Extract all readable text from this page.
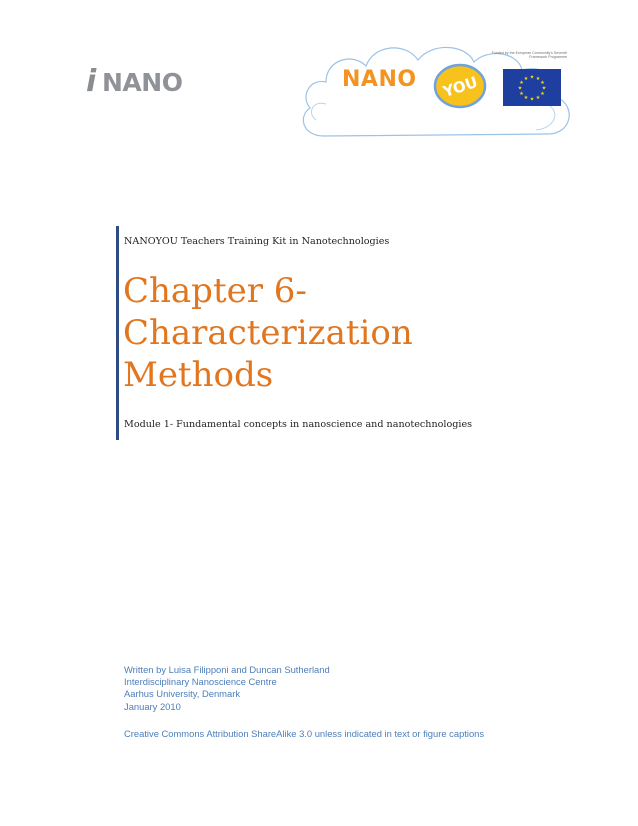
i NANO	NANO YOU
Funded by the European Community's Seventh Framework Programme
★ ★
★
★
★
★
★
★
★
★
★
★
NANOYOU Teachers Training Kit in Nanotechnologies
Chapter 6-
Characterization
Methods
Module 1- Fundamental concepts in nanoscience and nanotechnologies
Written by Luisa Filipponi and Duncan Sutherland
Interdisciplinary Nanoscience Centre
Aarhus University, Denmark
January 2010
Creative Commons Attribution ShareAlike 3.0 unless indicated in text or figure captions
